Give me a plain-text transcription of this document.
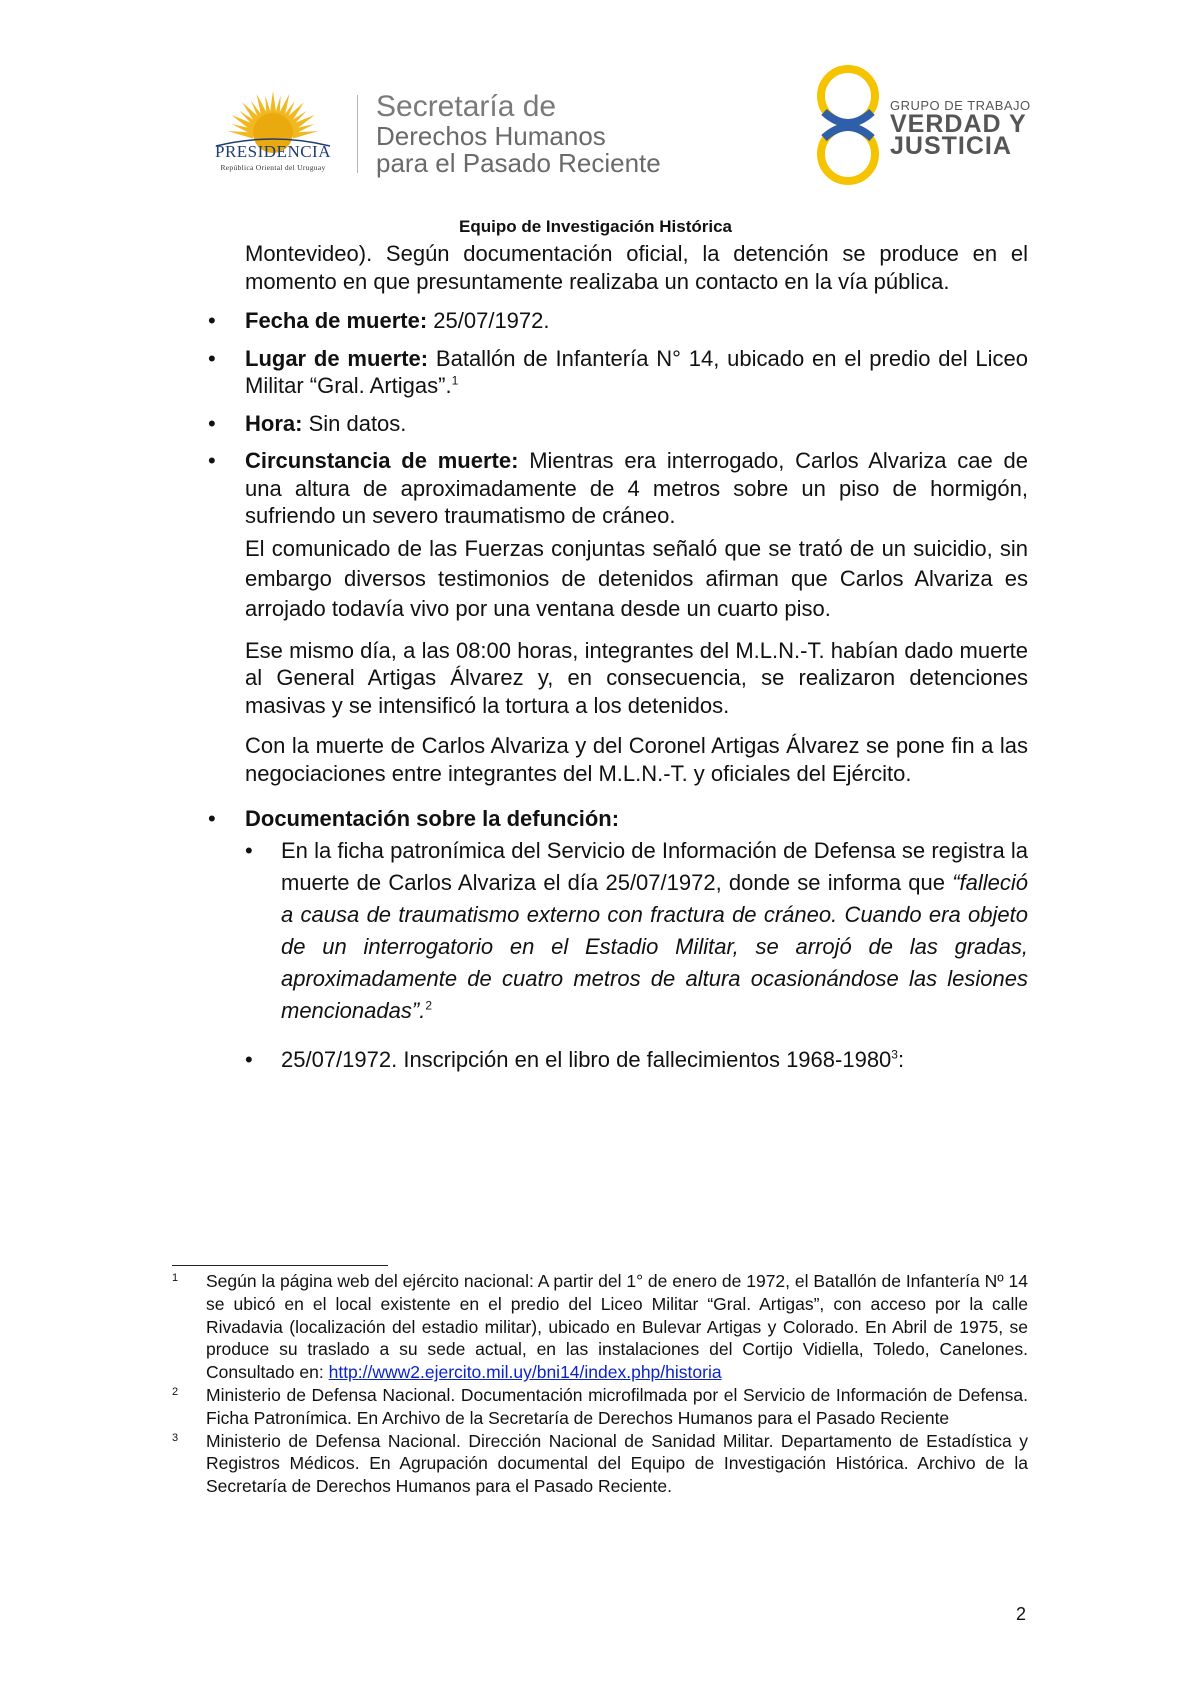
PRESIDENCIA
República Oriental del Uruguay
Secretaría de
Derechos Humanos
para el Pasado Reciente
GRUPO DE TRABAJO
VERDAD Y
JUSTICIA
Equipo de Investigación Histórica

Montevideo). Según documentación oficial, la detención se produce en el momento en que presuntamente realizaba un contacto en la vía pública.

• Fecha de muerte: 25/07/1972.
• Lugar de muerte: Batallón de Infantería N° 14, ubicado en el predio del Liceo Militar “Gral. Artigas”.$^1$
• Hora: Sin datos.
• Circunstancia de muerte: Mientras era interrogado, Carlos Alvariza cae de una altura de aproximadamente de 4 metros sobre un piso de hormigón, sufriendo un severo traumatismo de cráneo.

El comunicado de las Fuerzas conjuntas señaló que se trató de un suicidio, sin embargo diversos testimonios de detenidos afirman que Carlos Alvariza es arrojado todavía vivo por una ventana desde un cuarto piso.

Ese mismo día, a las 08:00 horas, integrantes del M.L.N.-T. habían dado muerte al General Artigas Álvarez y, en consecuencia, se realizaron detenciones masivas y se intensificó la tortura a los detenidos.

Con la muerte de Carlos Alvariza y del Coronel Artigas Álvarez se pone fin a las negociaciones entre integrantes del M.L.N.-T. y oficiales del Ejército.

• Documentación sobre la defunción:
• En la ficha patronímica del Servicio de Información de Defensa se registra la muerte de Carlos Alvariza el día 25/07/1972, donde se informa que “falleció a causa de traumatismo externo con fractura de cráneo. Cuando era objeto de un interrogatorio en el Estadio Militar, se arrojó de las gradas, aproximadamente de cuatro metros de altura ocasionándose las lesiones mencionadas”.$^2$
• 25/07/1972. Inscripción en el libro de fallecimientos 1968-1980$^3$:
1 Según la página web del ejército nacional: A partir del 1° de enero de 1972, el Batallón de Infantería Nº 14 se ubicó en el local existente en el predio del Liceo Militar “Gral. Artigas”, con acceso por la calle Rivadavia (localización del estadio militar), ubicado en Bulevar Artigas y Colorado. En Abril de 1975, se produce su traslado a su sede actual, en las instalaciones del Cortijo Vidiella, Toledo, Canelones. Consultado en: http://www2.ejercito.mil.uy/bni14/index.php/historia
2 Ministerio de Defensa Nacional. Documentación microfilmada por el Servicio de Información de Defensa. Ficha Patronímica. En Archivo de la Secretaría de Derechos Humanos para el Pasado Reciente
3 Ministerio de Defensa Nacional. Dirección Nacional de Sanidad Militar. Departamento de Estadística y Registros Médicos. En Agrupación documental del Equipo de Investigación Histórica. Archivo de la Secretaría de Derechos Humanos para el Pasado Reciente.
2
